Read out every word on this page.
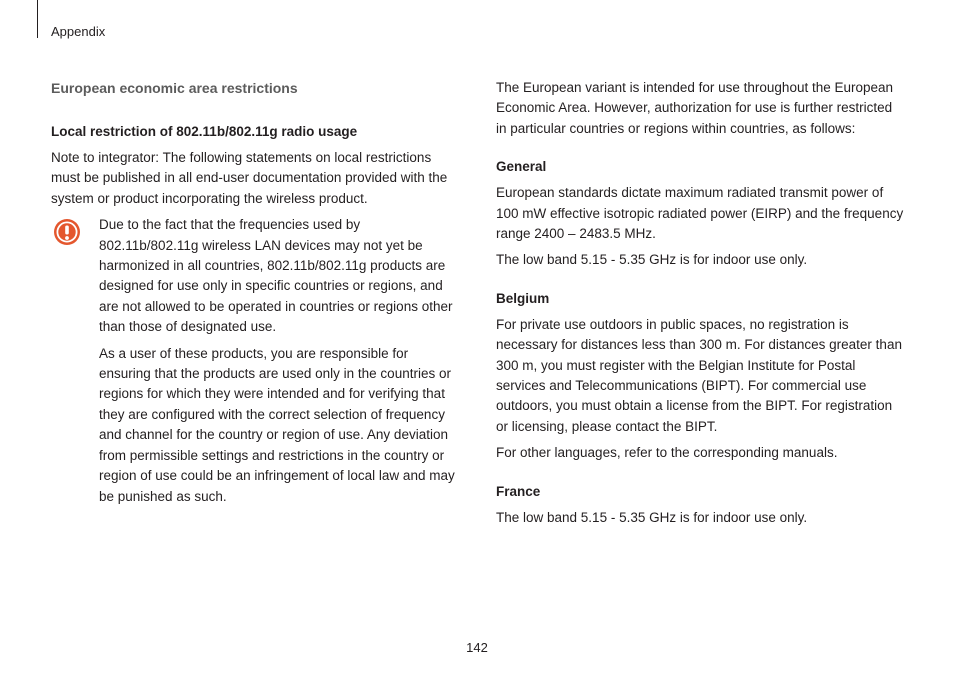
Appendix
European economic area restrictions
Local restriction of 802.11b/802.11g radio usage

Note to integrator: The following statements on local restrictions must be published in all end-user documentation provided with the system or product incorporating the wireless product.

Due to the fact that the frequencies used by 802.11b/802.11g wireless LAN devices may not yet be harmonized in all countries, 802.11b/802.11g products are designed for use only in specific countries or regions, and are not allowed to be operated in countries or regions other than those of designated use.

As a user of these products, you are responsible for ensuring that the products are used only in the countries or regions for which they were intended and for verifying that they are configured with the correct selection of frequency and channel for the country or region of use. Any deviation from permissible settings and restrictions in the country or region of use could be an infringement of local law and may be punished as such.

The European variant is intended for use throughout the European Economic Area. However, authorization for use is further restricted in particular countries or regions within countries, as follows:

General

European standards dictate maximum radiated transmit power of 100 mW effective isotropic radiated power (EIRP) and the frequency range 2400 – 2483.5 MHz.

The low band 5.15 - 5.35 GHz is for indoor use only.

Belgium

For private use outdoors in public spaces, no registration is necessary for distances less than 300 m. For distances greater than 300 m, you must register with the Belgian Institute for Postal services and Telecommunications (BIPT). For commercial use outdoors, you must obtain a license from the BIPT. For registration or licensing, please contact the BIPT.

For other languages, refer to the corresponding manuals.

France

The low band 5.15 - 5.35 GHz is for indoor use only.

142
